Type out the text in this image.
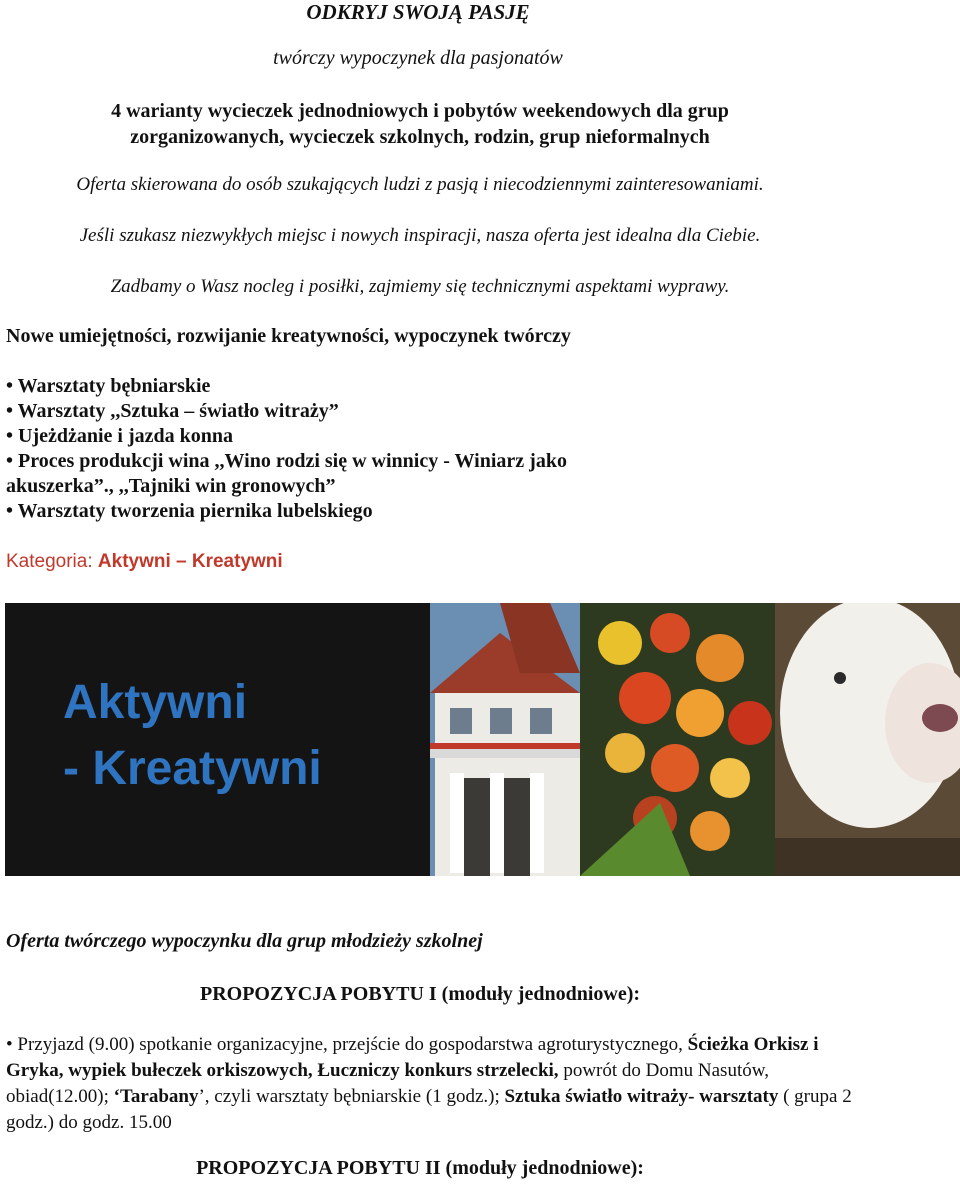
ODKRYJ SWOJĄ PASJĘ
twórczy wypoczynek dla pasjonatów
4 warianty wycieczek jednodniowych i pobytów weekendowych dla grup
zorganizowanych, wycieczek szkolnych, rodzin, grup nieformalnych
Oferta skierowana do osób szukających ludzi z pasją i niecodziennymi zainteresowaniami.
Jeśli szukasz niezwykłych miejsc i nowych inspiracji, nasza oferta jest idealna dla Ciebie.
Zadbamy o Wasz nocleg i posiłki, zajmiemy się technicznymi aspektami wyprawy.
Nowe umiejętności, rozwijanie kreatywności, wypoczynek twórczy
• Warsztaty bębniarskie
• Warsztaty ,,Sztuka – światło witraży”
• Ujeżdżanie i jazda konna
• Proces produkcji wina ,,Wino rodzi się w winnicy - Winiarz jako akuszerka”., ,,Tajniki win gronowych”
• Warsztaty tworzenia piernika lubelskiego
Kategoria: Aktywni – Kreatywni
Aktywni
- Kreatywni
Oferta twórczego wypoczynku dla grup młodzieży szkolnej
PROPOZYCJA POBYTU I (moduły jednodniowe):
• Przyjazd (9.00) spotkanie organizacyjne, przejście do gospodarstwa agroturystycznego, Ścieżka Orkisz i Gryka, wypiek bułeczek orkiszowych, Łuczniczy konkurs strzelecki, powrót do Domu Nasutów, obiad(12.00); ‘Tarabany’, czyli warsztaty bębniarskie (1 godz.); Sztuka światło witraży- warsztaty ( grupa 2 godz.) do godz. 15.00
PROPOZYCJA POBYTU II (moduły jednodniowe):
